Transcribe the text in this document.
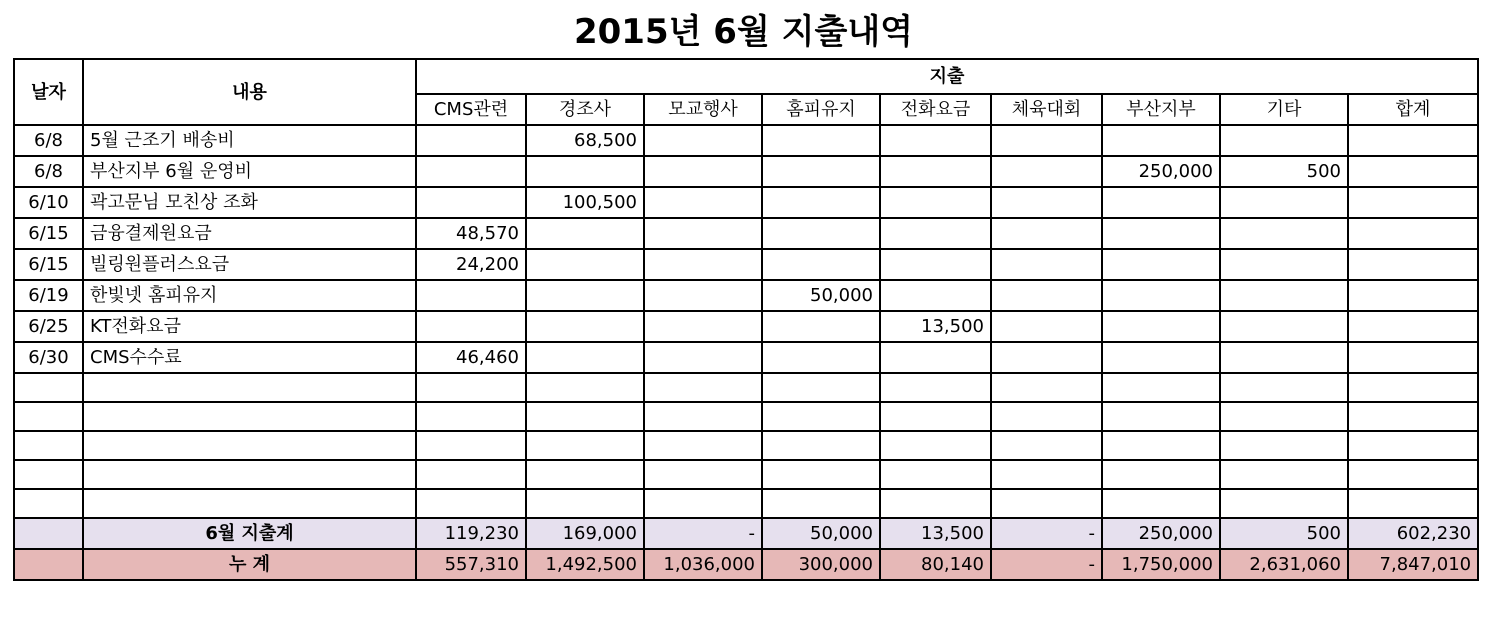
2015년 6월 지출내역
날자	내용	지출								
		CMS관련	경조사	모교행사	홈피유지	전화요금	체육대회	부산지부	기타	합계
6/8	5월 근조기 배송비		68,500							
6/8	부산지부 6월 운영비							250,000	500	
6/10	곽고문님 모친상 조화		100,500							
6/15	금융결제원요금	48,570								
6/15	빌링원플러스요금	24,200								
6/19	한빛넷 홈피유지				50,000					
6/25	KT전화요금					13,500				
6/30	CMS수수료	46,460								

	6월 지출계	119,230	169,000	-	50,000	13,500	-	250,000	500	602,230
	누 계	557,310	1,492,500	1,036,000	300,000	80,140	-	1,750,000	2,631,060	7,847,010
